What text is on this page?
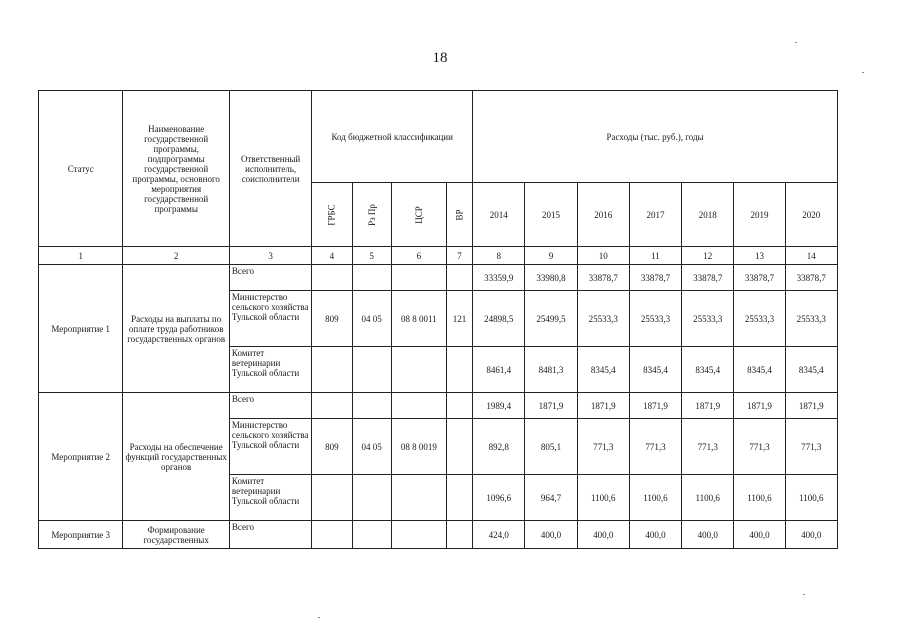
18
Статус	Наименование государственной программы, подпрограммы государственной программы, основного мероприятия государственной программы	Ответственный исполнитель, соисполнители	Код бюджетной классификации				Расходы (тыс. руб.), годы						
			ГРБС	Рз Пр	ЦСР	ВР	2014	2015	2016	2017	2018	2019	2020
1	2	3	4	5	6	7	8	9	10	11	12	13	14
Мероприятие 1	Расходы на выплаты по оплате труда работников государственных органов	Всего					33359,9	33980,8	33878,7	33878,7	33878,7	33878,7	33878,7
		Министерство сельского хозяйства Тульской области	809	04 05	08 8 0011	121	24898,5	25499,5	25533,3	25533,3	25533,3	25533,3	25533,3
		Комитет ветеринарии Тульской области					8461,4	8481,3	8345,4	8345,4	8345,4	8345,4	8345,4
Мероприятие 2	Расходы на обеспечение функций государственных органов	Всего					1989,4	1871,9	1871,9	1871,9	1871,9	1871,9	1871,9
		Министерство сельского хозяйства Тульской области	809	04 05	08 8 0019		892,8	805,1	771,3	771,3	771,3	771,3	771,3
		Комитет ветеринарии Тульской области					1096,6	964,7	1100,6	1100,6	1100,6	1100,6	1100,6
Мероприятие 3	Формирование государственных	Всего					424,0	400,0	400,0	400,0	400,0	400,0	400,0
